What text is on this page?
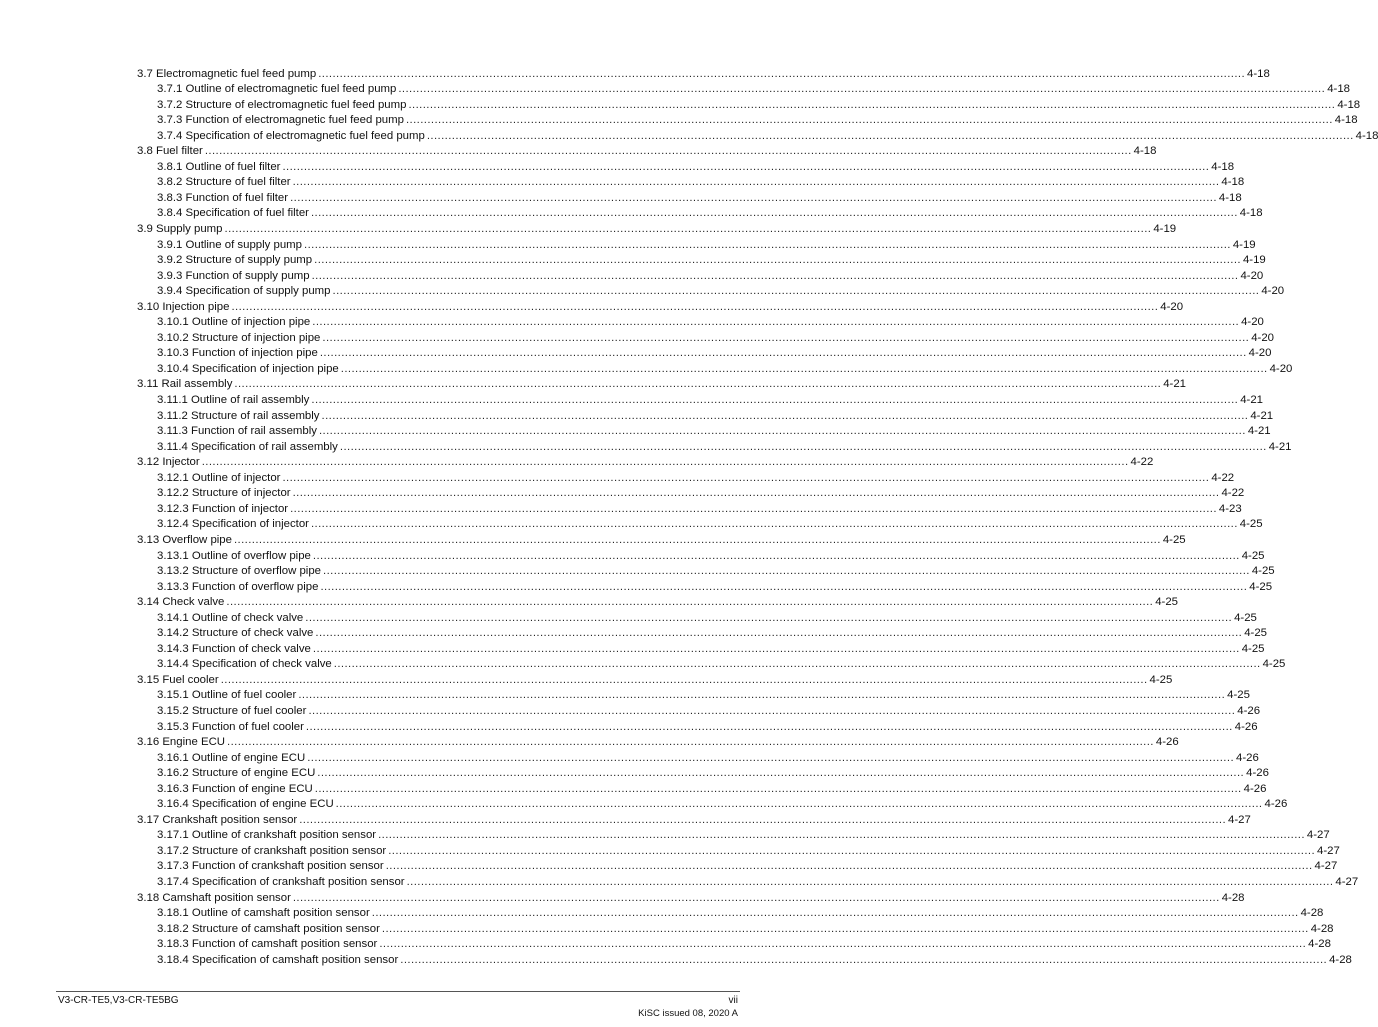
3.7 Electromagnetic fuel feed pump .................................................................................................................................................................................................................................................................... 4-18
3.7.1 Outline of electromagnetic fuel feed pump .................................................................................................................................................................................................................................................................... 4-18
3.7.2 Structure of electromagnetic fuel feed pump .................................................................................................................................................................................................................................................................... 4-18
3.7.3 Function of electromagnetic fuel feed pump .................................................................................................................................................................................................................................................................... 4-18
3.7.4 Specification of electromagnetic fuel feed pump .................................................................................................................................................................................................................................................................... 4-18
3.8 Fuel filter .................................................................................................................................................................................................................................................................... 4-18
3.8.1 Outline of fuel filter .................................................................................................................................................................................................................................................................... 4-18
3.8.2 Structure of fuel filter .................................................................................................................................................................................................................................................................... 4-18
3.8.3 Function of fuel filter .................................................................................................................................................................................................................................................................... 4-18
3.8.4 Specification of fuel filter .................................................................................................................................................................................................................................................................... 4-18
3.9 Supply pump .................................................................................................................................................................................................................................................................... 4-19
3.9.1 Outline of supply pump .................................................................................................................................................................................................................................................................... 4-19
3.9.2 Structure of supply pump .................................................................................................................................................................................................................................................................... 4-19
3.9.3 Function of supply pump .................................................................................................................................................................................................................................................................... 4-20
3.9.4 Specification of supply pump .................................................................................................................................................................................................................................................................... 4-20
3.10 Injection pipe .................................................................................................................................................................................................................................................................... 4-20
3.10.1 Outline of injection pipe .................................................................................................................................................................................................................................................................... 4-20
3.10.2 Structure of injection pipe .................................................................................................................................................................................................................................................................... 4-20
3.10.3 Function of injection pipe .................................................................................................................................................................................................................................................................... 4-20
3.10.4 Specification of injection pipe .................................................................................................................................................................................................................................................................... 4-20
3.11 Rail assembly .................................................................................................................................................................................................................................................................... 4-21
3.11.1 Outline of rail assembly .................................................................................................................................................................................................................................................................... 4-21
3.11.2 Structure of rail assembly .................................................................................................................................................................................................................................................................... 4-21
3.11.3 Function of rail assembly .................................................................................................................................................................................................................................................................... 4-21
3.11.4 Specification of rail assembly .................................................................................................................................................................................................................................................................... 4-21
3.12 Injector .................................................................................................................................................................................................................................................................... 4-22
3.12.1 Outline of injector .................................................................................................................................................................................................................................................................... 4-22
3.12.2 Structure of injector .................................................................................................................................................................................................................................................................... 4-22
3.12.3 Function of injector .................................................................................................................................................................................................................................................................... 4-23
3.12.4 Specification of injector .................................................................................................................................................................................................................................................................... 4-25
3.13 Overflow pipe .................................................................................................................................................................................................................................................................... 4-25
3.13.1 Outline of overflow pipe .................................................................................................................................................................................................................................................................... 4-25
3.13.2 Structure of overflow pipe .................................................................................................................................................................................................................................................................... 4-25
3.13.3 Function of overflow pipe .................................................................................................................................................................................................................................................................... 4-25
3.14 Check valve .................................................................................................................................................................................................................................................................... 4-25
3.14.1 Outline of check valve .................................................................................................................................................................................................................................................................... 4-25
3.14.2 Structure of check valve .................................................................................................................................................................................................................................................................... 4-25
3.14.3 Function of check valve .................................................................................................................................................................................................................................................................... 4-25
3.14.4 Specification of check valve .................................................................................................................................................................................................................................................................... 4-25
3.15 Fuel cooler .................................................................................................................................................................................................................................................................... 4-25
3.15.1 Outline of fuel cooler .................................................................................................................................................................................................................................................................... 4-25
3.15.2 Structure of fuel cooler .................................................................................................................................................................................................................................................................... 4-26
3.15.3 Function of fuel cooler .................................................................................................................................................................................................................................................................... 4-26
3.16 Engine ECU .................................................................................................................................................................................................................................................................... 4-26
3.16.1 Outline of engine ECU .................................................................................................................................................................................................................................................................... 4-26
3.16.2 Structure of engine ECU .................................................................................................................................................................................................................................................................... 4-26
3.16.3 Function of engine ECU .................................................................................................................................................................................................................................................................... 4-26
3.16.4 Specification of engine ECU .................................................................................................................................................................................................................................................................... 4-26
3.17 Crankshaft position sensor .................................................................................................................................................................................................................................................................... 4-27
3.17.1 Outline of crankshaft position sensor .................................................................................................................................................................................................................................................................... 4-27
3.17.2 Structure of crankshaft position sensor .................................................................................................................................................................................................................................................................... 4-27
3.17.3 Function of crankshaft position sensor .................................................................................................................................................................................................................................................................... 4-27
3.17.4 Specification of crankshaft position sensor .................................................................................................................................................................................................................................................................... 4-27
3.18 Camshaft position sensor .................................................................................................................................................................................................................................................................... 4-28
3.18.1 Outline of camshaft position sensor .................................................................................................................................................................................................................................................................... 4-28
3.18.2 Structure of camshaft position sensor .................................................................................................................................................................................................................................................................... 4-28
3.18.3 Function of camshaft position sensor .................................................................................................................................................................................................................................................................... 4-28
3.18.4 Specification of camshaft position sensor .................................................................................................................................................................................................................................................................... 4-28
V3-CR-TE5,V3-CR-TE5BG	vii
KiSC issued 08, 2020 A
